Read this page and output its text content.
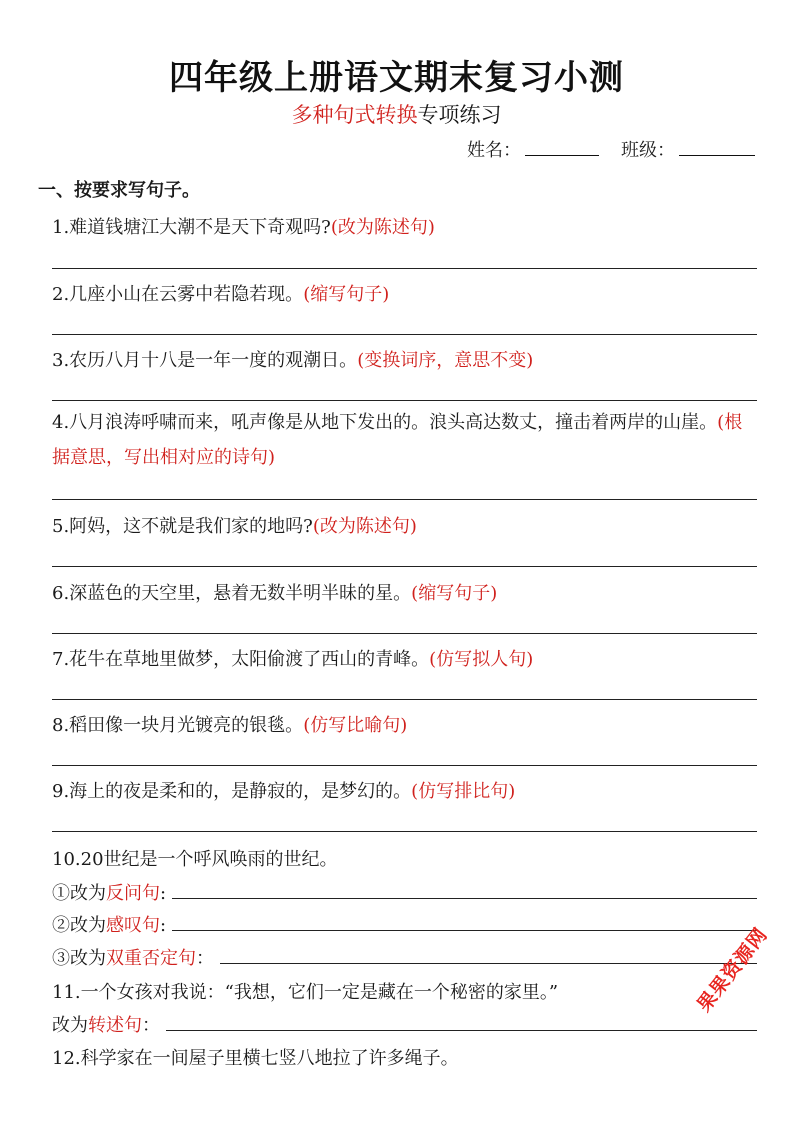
四年级上册语文期末复习小测
多种句式转换专项练习
姓名：	班级：
一、按要求写句子。
1.难道钱塘江大潮不是天下奇观吗?(改为陈述句)
2.几座小山在云雾中若隐若现。(缩写句子)
3.农历八月十八是一年一度的观潮日。(变换词序，意思不变)
4.八月浪涛呼啸而来，吼声像是从地下发出的。浪头高达数丈，撞击着两岸的山崖。(根据意思，写出相对应的诗句)
5.阿妈，这不就是我们家的地吗?(改为陈述句)
6.深蓝色的天空里，悬着无数半明半昧的星。(缩写句子)
7.花牛在草地里做梦，太阳偷渡了西山的青峰。(仿写拟人句)
8.稻田像一块月光镀亮的银毯。(仿写比喻句)
9.海上的夜是柔和的，是静寂的，是梦幻的。(仿写排比句)
10.20世纪是一个呼风唤雨的世纪。
①改为 反问句 :
②改为 感叹句 :
③改为 双重否定句 ：
11.一个女孩对我说：“我想，它们一定是藏在一个秘密的家里。”
改为 转述句 ：
12.科学家在一间屋子里横七竖八地拉了许多绳子。
果果资源网
